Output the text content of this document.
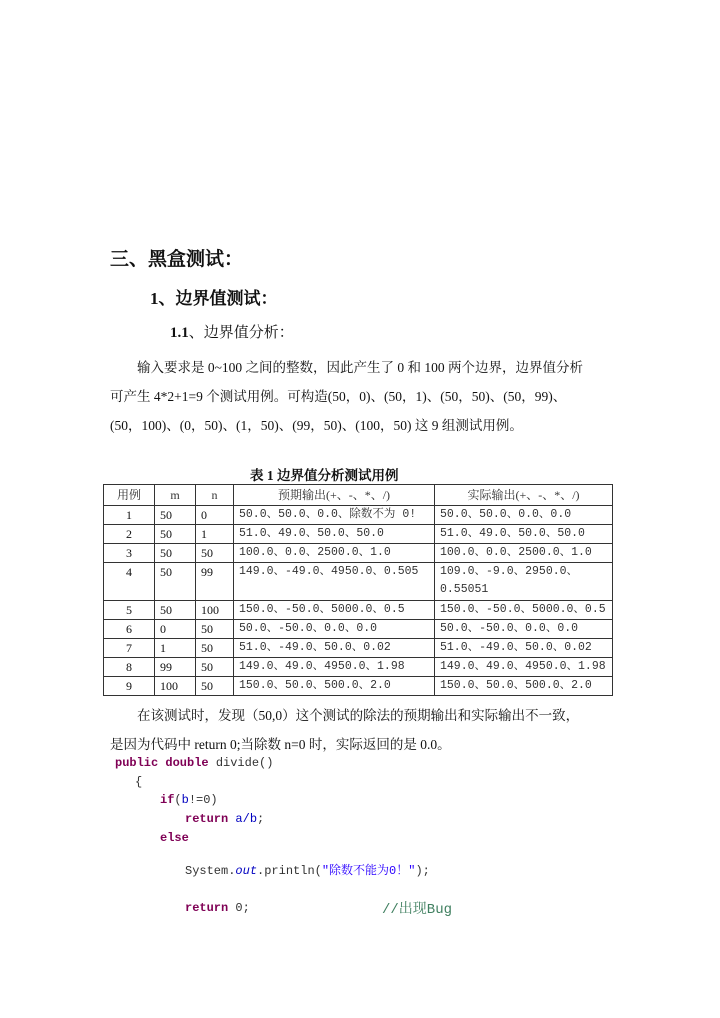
三、黑盒测试：
1、边界值测试：
1.1、边界值分析：
输入要求是 0~100 之间的整数，因此产生了 0 和 100 两个边界，边界值分析
可产生 4*2+1=9 个测试用例。可构造(50，0)、(50，1)、(50，50)、(50，99)、
(50，100)、(0，50)、(1，50)、(99，50)、(100，50) 这 9 组测试用例。
表 1 边界值分析测试用例
用例	m	n	预期输出(+、-、*、/)	实际输出(+、-、*、/)
1	50	0	50.0、50.0、0.0、除数不为 0!	50.0、50.0、0.0、0.0
2	50	1	51.0、49.0、50.0、50.0	51.0、49.0、50.0、50.0
3	50	50	100.0、0.0、2500.0、1.0	100.0、0.0、2500.0、1.0
4	50	99	149.0、-49.0、4950.0、0.505	109.0、-9.0、2950.0、0.55051
5	50	100	150.0、-50.0、5000.0、0.5	150.0、-50.0、5000.0、0.5
6	0	50	50.0、-50.0、0.0、0.0	50.0、-50.0、0.0、0.0
7	1	50	51.0、-49.0、50.0、0.02	51.0、-49.0、50.0、0.02
8	99	50	149.0、49.0、4950.0、1.98	149.0、49.0、4950.0、1.98
9	100	50	150.0、50.0、500.0、2.0	150.0、50.0、500.0、2.0
在该测试时，发现（50,0）这个测试的除法的预期输出和实际输出不一致，
是因为代码中 return 0;当除数 n=0 时，实际返回的是 0.0。
public double divide()
{
if(b!=0)
return a/b;
else
System.out.println("除数不能为0！");
return 0;	//出现Bug
